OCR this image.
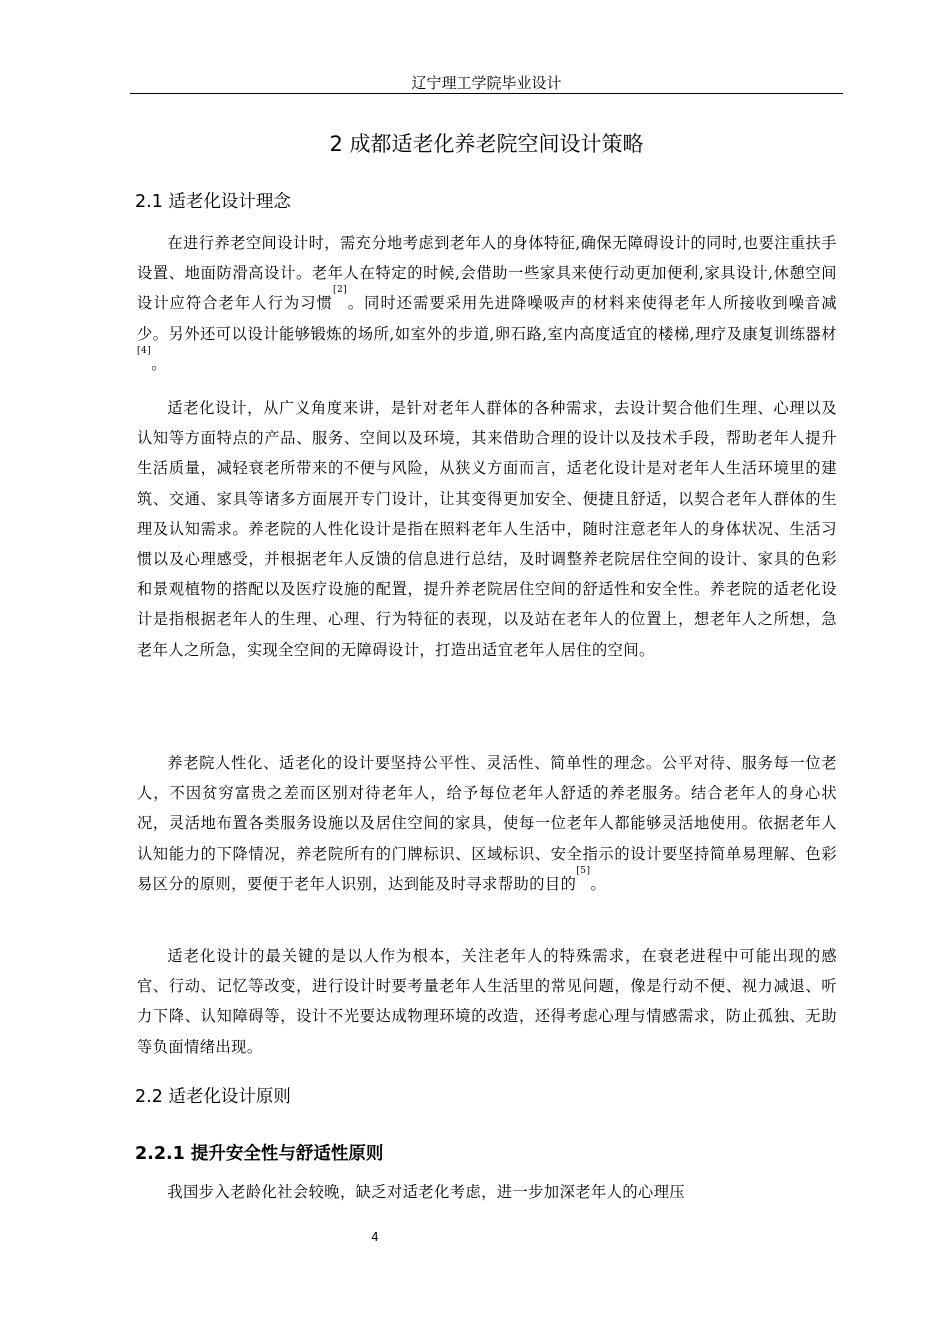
辽宁理工学院毕业设计
2 成都适老化养老院空间设计策略
2.1 适老化设计理念

在进行养老空间设计时，需充分地考虑到老年人的身体特征,确保无障碍设计的同时,也要注重扶手设置、地面防滑高设计。老年人在特定的时候,会借助一些家具来使行动更加便利,家具设计,休憩空间设计应符合老年人行为习惯[2]。同时还需要采用先进降噪吸声的材料来使得老年人所接收到噪音减少。另外还可以设计能够锻炼的场所,如室外的步道,卵石路,室内高度适宜的楼梯,理疗及康复训练器材[4]。

适老化设计，从广义角度来讲，是针对老年人群体的各种需求，去设计契合他们生理、心理以及认知等方面特点的产品、服务、空间以及环境，其来借助合理的设计以及技术手段，帮助老年人提升生活质量，减轻衰老所带来的不便与风险，从狭义方面而言，适老化设计是对老年人生活环境里的建筑、交通、家具等诸多方面展开专门设计，让其变得更加安全、便捷且舒适，以契合老年人群体的生理及认知需求。养老院的人性化设计是指在照料老年人生活中，随时注意老年人的身体状况、生活习惯以及心理感受，并根据老年人反馈的信息进行总结，及时调整养老院居住空间的设计、家具的色彩和景观植物的搭配以及医疗设施的配置，提升养老院居住空间的舒适性和安全性。养老院的适老化设计是指根据老年人的生理、心理、行为特征的表现，以及站在老年人的位置上，想老年人之所想，急老年人之所急，实现全空间的无障碍设计，打造出适宜老年人居住的空间。

养老院人性化、适老化的设计要坚持公平性、灵活性、简单性的理念。公平对待、服务每一位老人，不因贫穷富贵之差而区别对待老年人，给予每位老年人舒适的养老服务。结合老年人的身心状况，灵活地布置各类服务设施以及居住空间的家具，使每一位老年人都能够灵活地使用。依据老年人认知能力的下降情况，养老院所有的门牌标识、区域标识、安全指示的设计要坚持简单易理解、色彩易区分的原则，要便于老年人识别，达到能及时寻求帮助的目的[5]。

适老化设计的最关键的是以人作为根本，关注老年人的特殊需求，在衰老进程中可能出现的感官、行动、记忆等改变，进行设计时要考量老年人生活里的常见问题，像是行动不便、视力减退、听力下降、认知障碍等，设计不光要达成物理环境的改造，还得考虑心理与情感需求，防止孤独、无助等负面情绪出现。

2.2 适老化设计原则
2.2.1 提升安全性与舒适性原则

我国步入老龄化社会较晚，缺乏对适老化考虑，进一步加深老年人的心理压

4
